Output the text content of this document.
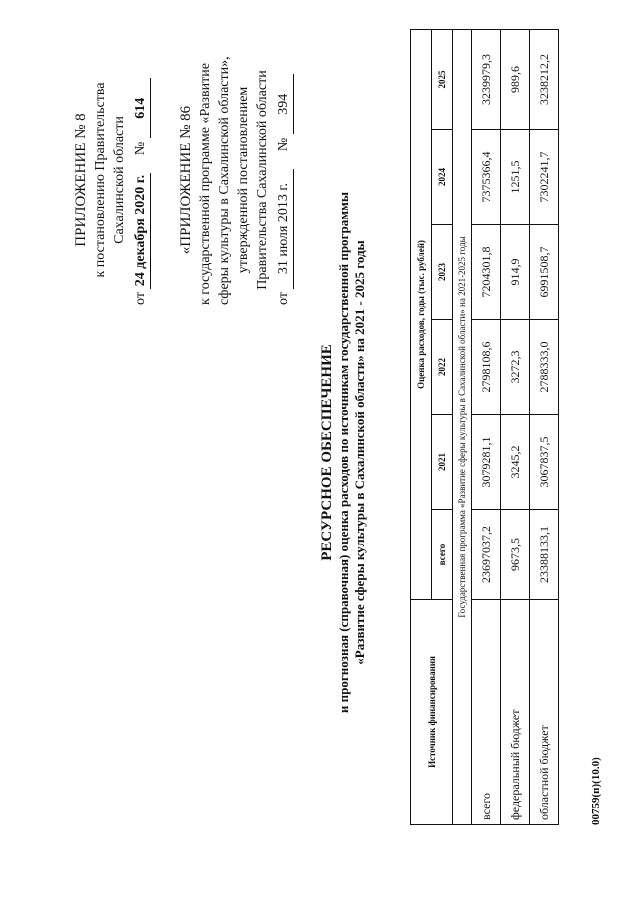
ПРИЛОЖЕНИЕ № 8 к постановлению Правительства Сахалинской области
от 24 декабря 2020 г. № 614 «ПРИЛОЖЕНИЕ № 86 к государственной программе «Развитие сферы культуры в Сахалинской области», утвержденной постановлением Правительства Сахалинской области
от 31 июля 2013 г. № 394
РЕСУРСНОЕ ОБЕСПЕЧЕНИЕ и прогнозная (справочная) оценка расходов по источникам государственной программы «Развитие сферы культуры в Сахалинской области» на 2021 - 2025 годы
Источник финансирования	Оценка расходов, годы (тыс. рублей)					
	всего	2021	2022	2023	2024	2025
Государственная программа «Развитие сферы культуры в Сахалинской области» на 2021-2025 годы						
всего	23697037,2	3079281,1	2798108,6	7204301,8	7375366,4	3239979,3
федеральный бюджет	9673,5	3245,2	3272,3	914,9	1251,5	989,6
областной бюджет	23388133,1	3067837,5	2788333,0	6991508,7	7302241,7	3238212,2
00759(п)(10.0)
